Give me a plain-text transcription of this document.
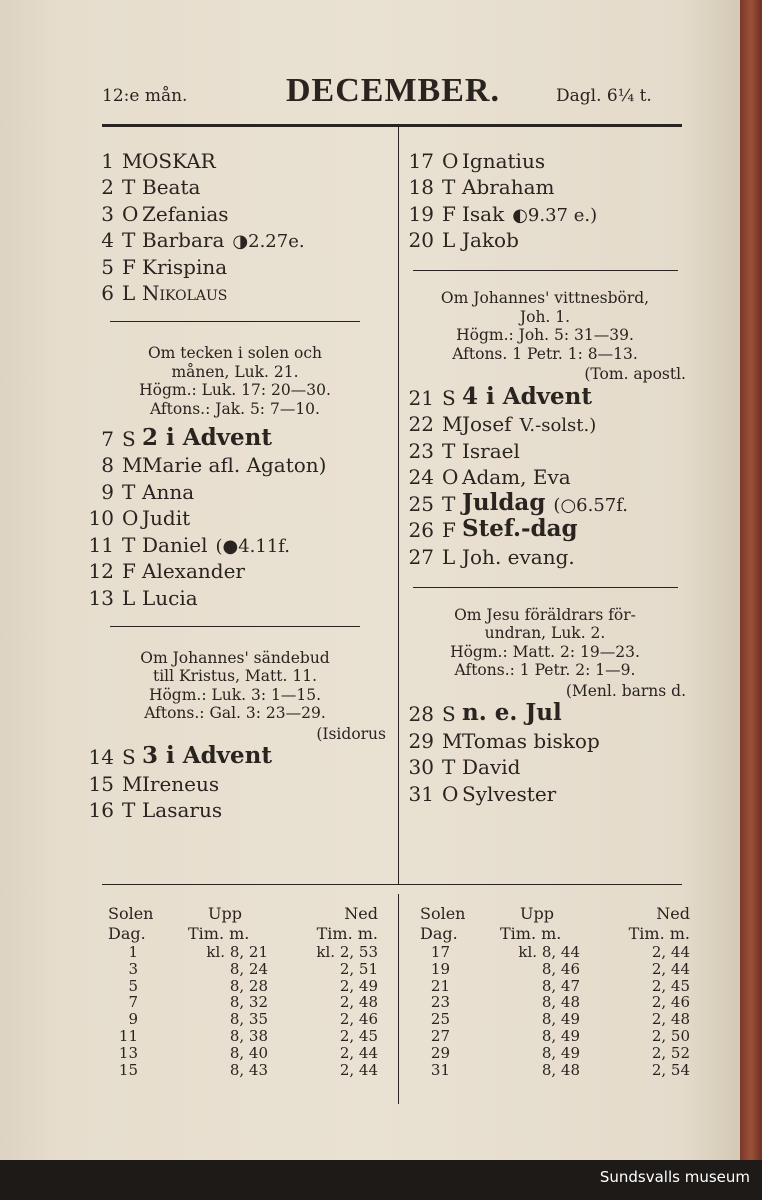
12:e mån.	DECEMBER.	Dagl. 6¼ t.
1 M OSKAR
2 T Beata
3 O Zefanias
4 T Barbara ◑2.27e.
5 F Krispina
6 L Nikolaus
Om tecken i solen och
månen, Luk. 21.
Högm.: Luk. 17: 20—30.
Aftons.: Jak. 5: 7—10.
7 S 2 i Advent
8 M Marie afl. Agaton)
9 T Anna
10 O Judit
11 T Daniel (●4.11f.
12 F Alexander
13 L Lucia
Om Johannes' sändebud
till Kristus, Matt. 11.
Högm.: Luk. 3: 1—15.
Aftons.: Gal. 3: 23—29.
(Isidorus
14 S 3 i Advent
15 M Ireneus
16 T Lasarus
17 O Ignatius
18 T Abraham
19 F Isak ◐9.37 e.)
20 L Jakob
Om Johannes' vittnesbörd,
Joh. 1.
Högm.: Joh. 5: 31—39.
Aftons. 1 Petr. 1: 8—13.
(Tom. apostl.
21 S 4 i Advent
22 M Josef V.-solst.)
23 T Israel
24 O Adam, Eva
25 T Juldag (○6.57f.
26 F Stef.-dag
27 L Joh. evang.
Om Jesu föräldrars för-
undran, Luk. 2.
Högm.: Matt. 2: 19—23.
Aftons.: 1 Petr. 2: 1—9.
(Menl. barns d.
28 S n. e. Jul
29 M Tomas biskop
30 T David
31 O Sylvester
Solen	Upp	Ned
Dag.	Tim. m.	Tim. m.
1	kl. 8, 21	kl. 2, 53
3	8, 24	2, 51
5	8, 28	2, 49
7	8, 32	2, 48
9	8, 35	2, 46
11	8, 38	2, 45
13	8, 40	2, 44
15	8, 43	2, 44
Solen	Upp	Ned
Dag.	Tim. m.	Tim. m.
17	kl. 8, 44	2, 44
19	8, 46	2, 44
21	8, 47	2, 45
23	8, 48	2, 46
25	8, 49	2, 48
27	8, 49	2, 50
29	8, 49	2, 52
31	8, 48	2, 54
Sundsvalls museum
